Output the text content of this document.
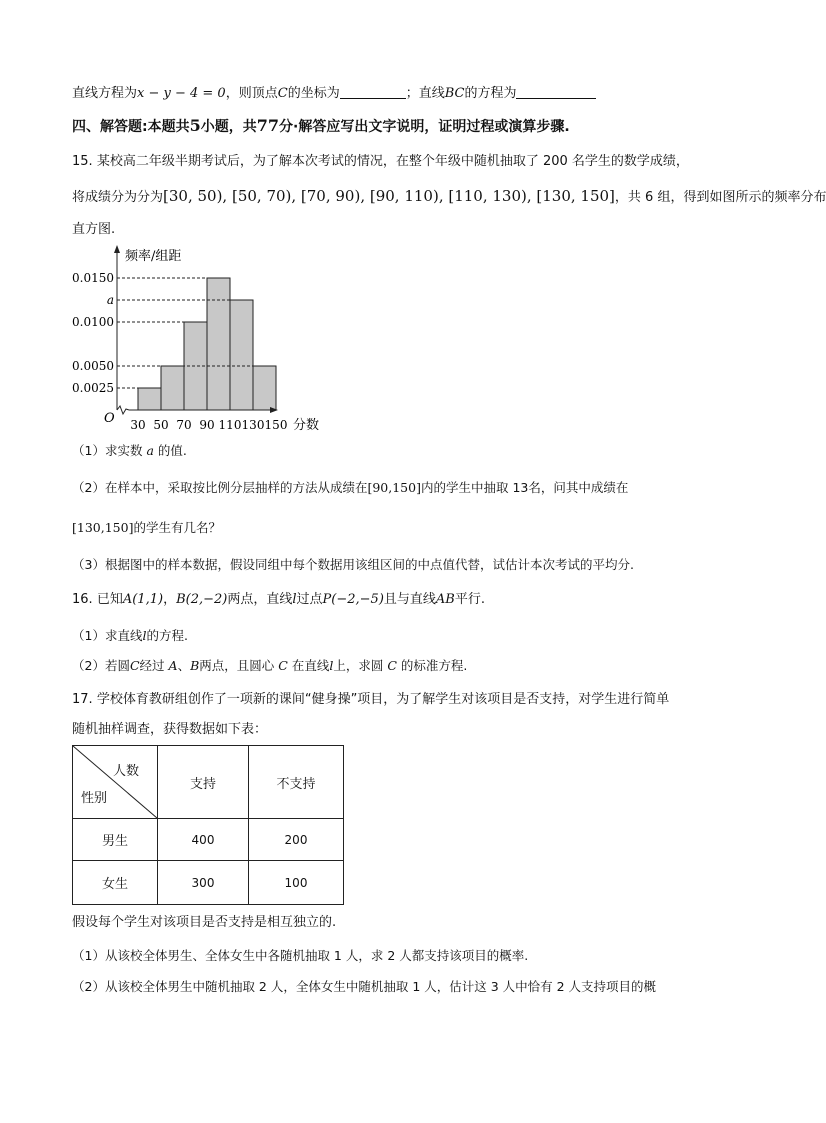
直线方程为x − y − 4 = 0，则顶点C的坐标为	；直线BC的方程为
四、解答题:本题共5小题，共77分·解答应写出文字说明，证明过程或演算步骤.
15. 某校高二年级半期考试后，为了解本次考试的情况，在整个年级中随机抽取了 200 名学生的数学成绩，
将成绩分为分为[30, 50), [50, 70), [70, 90), [90, 110), [110, 130), [130, 150]，共 6 组，得到如图所示的频率分布
直方图.
0.0150
a
0.0100
0.0050
0.0025
频率/组距
O 30 50 70 90 110 130 150 分数
（1）求实数 a 的值.
（2）在样本中，采取按比例分层抽样的方法从成绩在[90,150]内的学生中抽取 13名，问其中成绩在
[130,150]的学生有几名？
（3）根据图中的样本数据，假设同组中每个数据用该组区间的中点值代替，试估计本次考试的平均分.
16. 已知A(1,1)，B(2,−2)两点，直线l过点P(−2,−5)且与直线AB平行.
（1）求直线l的方程.
（2）若圆C经过 A、B两点，且圆心 C 在直线l上，求圆 C 的标准方程.
17. 学校体育教研组创作了一项新的课间“健身操”项目，为了解学生对该项目是否支持，对学生进行简单
随机抽样调查，获得数据如下表：
人数
性别	支持	不支持
男生	400	200
女生	300	100
假设每个学生对该项目是否支持是相互独立的.
（1）从该校全体男生、全体女生中各随机抽取 1 人，求 2 人都支持该项目的概率.
（2）从该校全体男生中随机抽取 2 人，全体女生中随机抽取 1 人，估计这 3 人中恰有 2 人支持项目的概
